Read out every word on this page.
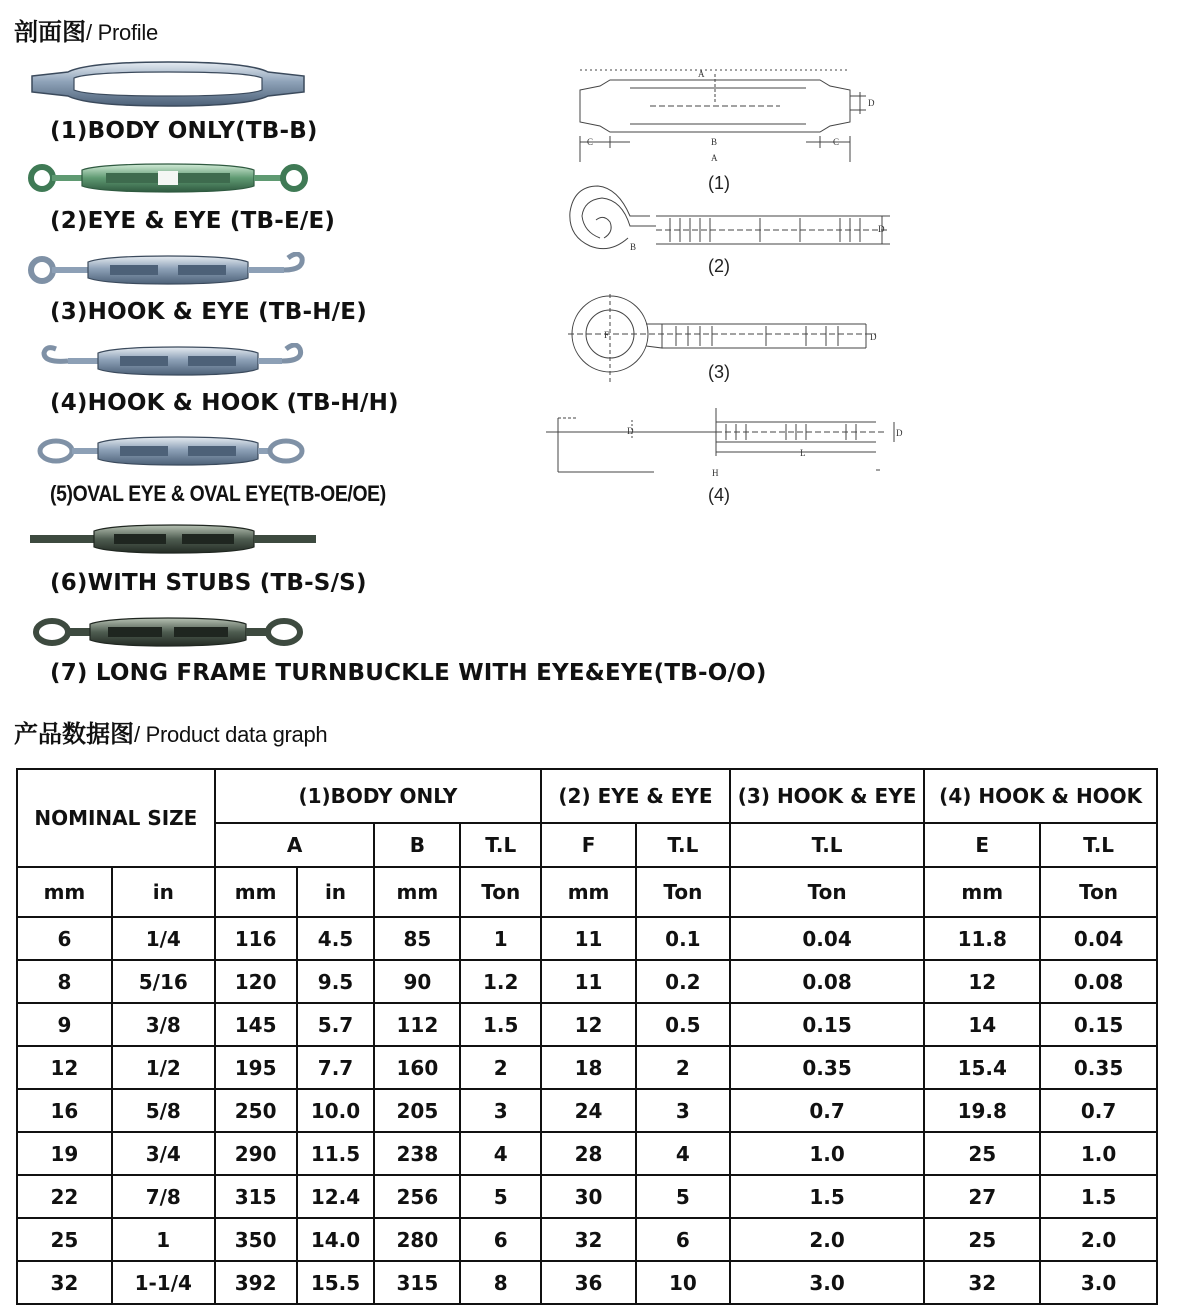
剖面图 / Profile
(1)BODY ONLY(TB-B)
(2)EYE & EYE (TB-E/E)
(3)HOOK & EYE (TB-H/E)
(4)HOOK & HOOK (TB-H/H)
(5)OVAL EYE & OVAL EYE(TB-OE/OE)
(6)WITH STUBS (TB-S/S)
(7) LONG FRAME TURNBUCKLE WITH EYE&EYE(TB-O/O)
A
C	B	C
A
D
(1)
B
D
(2)
F	D
(3)
D
L
H
D
(4)
产品数据图 / Product data graph
NOMINAL SIZE		(1)BODY ONLY				(2) EYE & EYE		(3) HOOK & EYE	(4) HOOK & HOOK	
		A		B	T.L	F	T.L	T.L	E	T.L
mm	in	mm	in	mm	Ton	mm	Ton	Ton	mm	Ton
6	1/4	116	4.5	85	1	11	0.1	0.04	11.8	0.04
8	5/16	120	9.5	90	1.2	11	0.2	0.08	12	0.08
9	3/8	145	5.7	112	1.5	12	0.5	0.15	14	0.15
12	1/2	195	7.7	160	2	18	2	0.35	15.4	0.35
16	5/8	250	10.0	205	3	24	3	0.7	19.8	0.7
19	3/4	290	11.5	238	4	28	4	1.0	25	1.0
22	7/8	315	12.4	256	5	30	5	1.5	27	1.5
25	1	350	14.0	280	6	32	6	2.0	25	2.0
32	1-1/4	392	15.5	315	8	36	10	3.0	32	3.0
